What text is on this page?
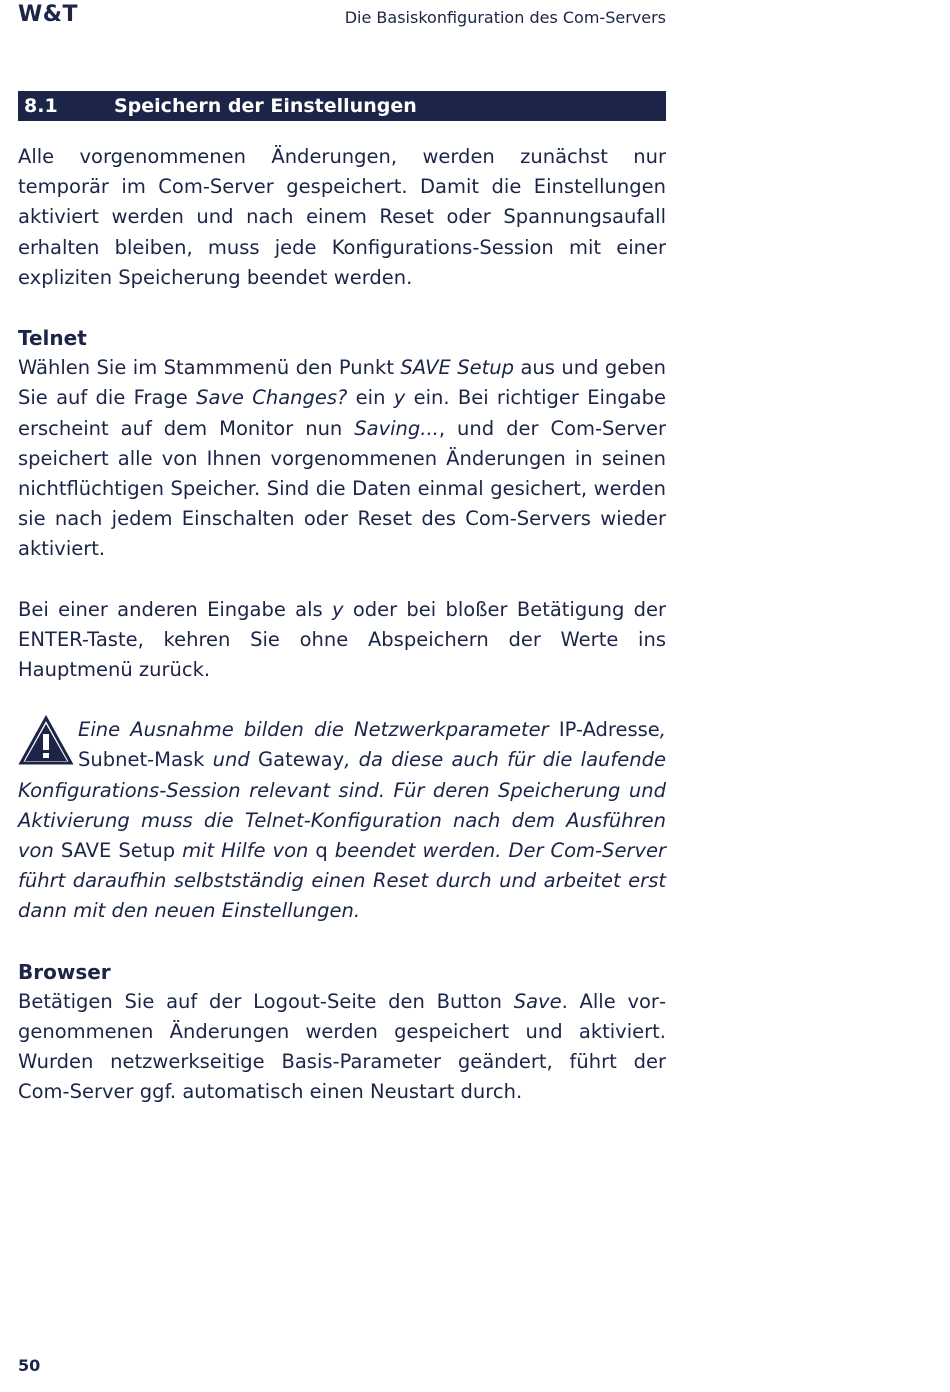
W&T	Die Basiskonfiguration des Com-Servers
8.1	Speichern der Einstellungen

Alle vorgenommenen Änderungen, werden zunächst nur temporär im Com-Server gespeichert. Damit die Einstellungen aktiviert werden und nach einem Reset oder Spannungsaufall erhalten bleiben, muss jede Konfigurations-Session mit einer expliziten Speicherung beendet werden.

Telnet

Wählen Sie im Stammmenü den Punkt SAVE Setup aus und geben Sie auf die Frage Save Changes? ein y ein. Bei richtiger Eingabe erscheint auf dem Monitor nun Saving..., und der Com-Server speichert alle von Ihnen vorgenommenen Änderungen in seinen nichtflüchtigen Speicher. Sind die Daten einmal gesichert, werden sie nach jedem Einschalten oder Reset des Com-Servers wieder aktiviert.

Bei einer anderen Eingabe als y oder bei bloßer Betätigung der ENTER-Taste, kehren Sie ohne Abspeichern der Werte ins Hauptmenü zurück.

Eine Ausnahme bilden die Netzwerkparameter IP-Adresse, Subnet-Mask und Gateway, da diese auch für die laufende Konfigurations-Session relevant sind. Für deren Speicherung und Aktivierung muss die Telnet-Konfiguration nach dem Ausführen von SAVE Setup mit Hilfe von q beendet werden. Der Com-Server führt daraufhin selbstständig einen Reset durch und arbeitet erst dann mit den neuen Einstellungen.

Browser

Betätigen Sie auf der Logout-Seite den Button Save. Alle vorgenommenen Änderungen werden gespeichert und aktiviert. Wurden netzwerkseitige Basis-Parameter geändert, führt der Com-Server ggf. automatisch einen Neustart durch.

50
